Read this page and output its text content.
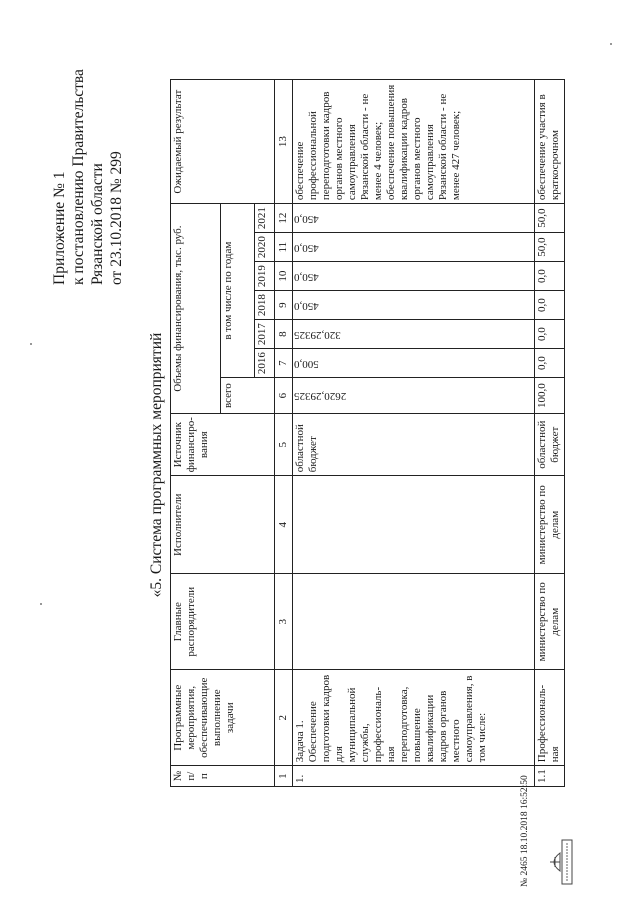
Приложение № 1 к постановлению Правительства Рязанской области от 23.10.2018 № 299
«5. Система программных мероприятий
№ п/п	Программные мероприятия, обеспечивающие выполнение задачи	Главные распорядители	Исполнители	Источник финансиро-вания	Объемы финансирования, тыс. руб.							Ожидаемый результат
					всего	в том числе по годам						
						2016	2017	2018	2019	2020	2021	
1	2	3	4	5	6	7	8	9	10	11	12	13
1.	Задача 1. Обеспечение подготовки кадров для муниципальной службы, профессиональ-ная переподготовка, повышение квалификации кадров органов местного самоуправления, в том числе:			областной бюджет	2620,29325	500,0	320,29325	450,0	450,0	450,0	450,0	обеспечение профессиональной переподготовки кадров органов местного самоуправления Рязанской области - не менее 4 человек; обеспечение повышения квалификации кадров органов местного самоуправления Рязанской области - не менее 427 человек;
1.1	Профессиональ-ная	министерство по делам	министерство по делам	областной бюджет	100,0	0,0	0,0	0,0	0,0	50,0	50,0	обеспечение участия в краткосрочном
№ 2465 18.10.2018 16:52:50
